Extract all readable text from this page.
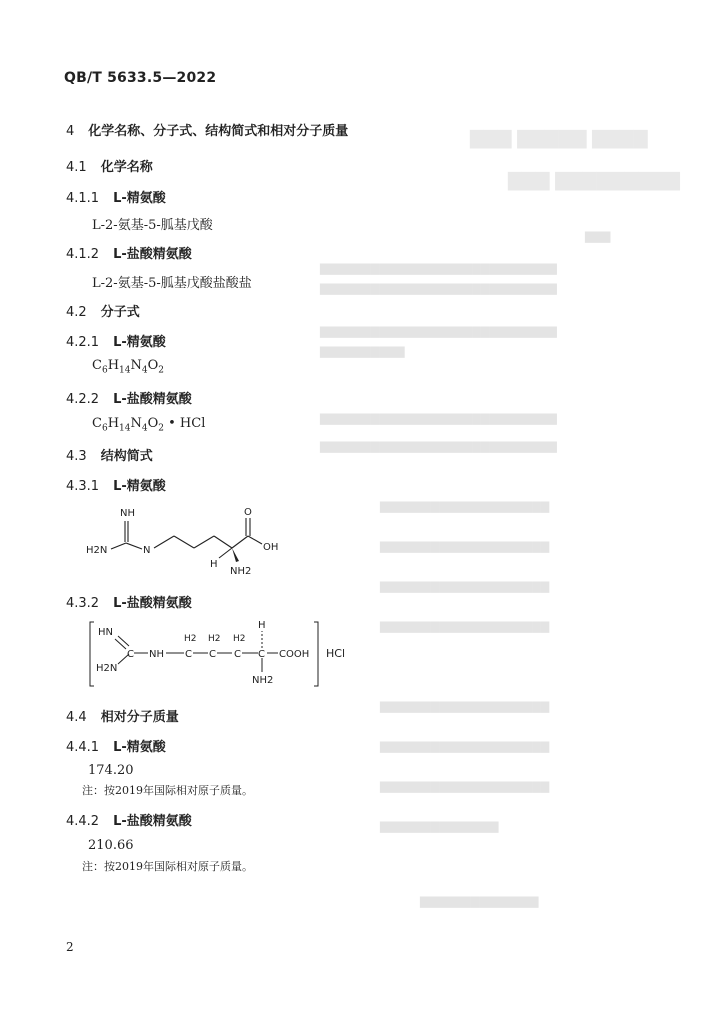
▇▇▇ ▇▇▇▇▇ ▇▇▇▇
▇▇▇ ▇▇▇▇▇▇▇▇▇
▇▇▇
▇▇▇▇▇▇▇▇▇▇▇▇▇▇▇▇▇▇▇▇▇▇▇▇▇▇▇▇
▇▇▇▇▇▇▇▇▇▇▇▇▇▇▇▇▇▇▇▇▇▇▇▇▇▇▇▇
▇▇▇▇▇▇▇▇▇▇▇▇▇▇▇▇▇▇▇▇▇▇▇▇▇▇▇▇
▇▇▇▇▇▇▇▇▇▇
▇▇▇▇▇▇▇▇▇▇▇▇▇▇▇▇▇▇▇▇▇▇▇▇▇▇▇▇
▇▇▇▇▇▇▇▇▇▇▇▇▇▇▇▇▇▇▇▇▇▇▇▇▇▇▇▇
▇▇▇▇▇▇▇▇▇▇▇▇▇▇▇▇▇▇▇▇
▇▇▇▇▇▇▇▇▇▇▇▇▇▇▇▇▇▇▇▇
▇▇▇▇▇▇▇▇▇▇▇▇▇▇▇▇▇▇▇▇
▇▇▇▇▇▇▇▇▇▇▇▇▇▇▇▇▇▇▇▇
▇▇▇▇▇▇▇▇▇▇▇▇▇▇▇▇▇▇▇▇
▇▇▇▇▇▇▇▇▇▇▇▇▇▇▇▇▇▇▇▇
▇▇▇▇▇▇▇▇▇▇▇▇▇▇▇▇▇▇▇▇
▇▇▇▇▇▇▇▇▇▇▇▇▇▇
▇▇▇▇▇▇▇▇▇▇▇▇▇▇
QB/T 5633.5—2022
4 化学名称、分子式、结构简式和相对分子质量
4.1 化学名称
4.1.1 L-精氨酸
L-2-氨基-5-胍基戊酸
4.1.2 L-盐酸精氨酸
L-2-氨基-5-胍基戊酸盐酸盐
4.2 分子式
4.2.1 L-精氨酸
$C_6H_{14}N_4O_2$
4.2.2 L-盐酸精氨酸
$C_6H_{14}N_4O_2$ • HCl
4.3 结构简式
4.3.1 L-精氨酸
NH
H2N	N
H
O
OH
NH2
4.3.2 L-盐酸精氨酸
HN
H2N
C NH
H2
C
H2
C
H2
C
H
C COOH
NH2
HCl
4.4 相对分子质量
4.4.1 L-精氨酸
174.20
注：按2019年国际相对原子质量。
4.4.2 L-盐酸精氨酸
210.66
注：按2019年国际相对原子质量。
2
